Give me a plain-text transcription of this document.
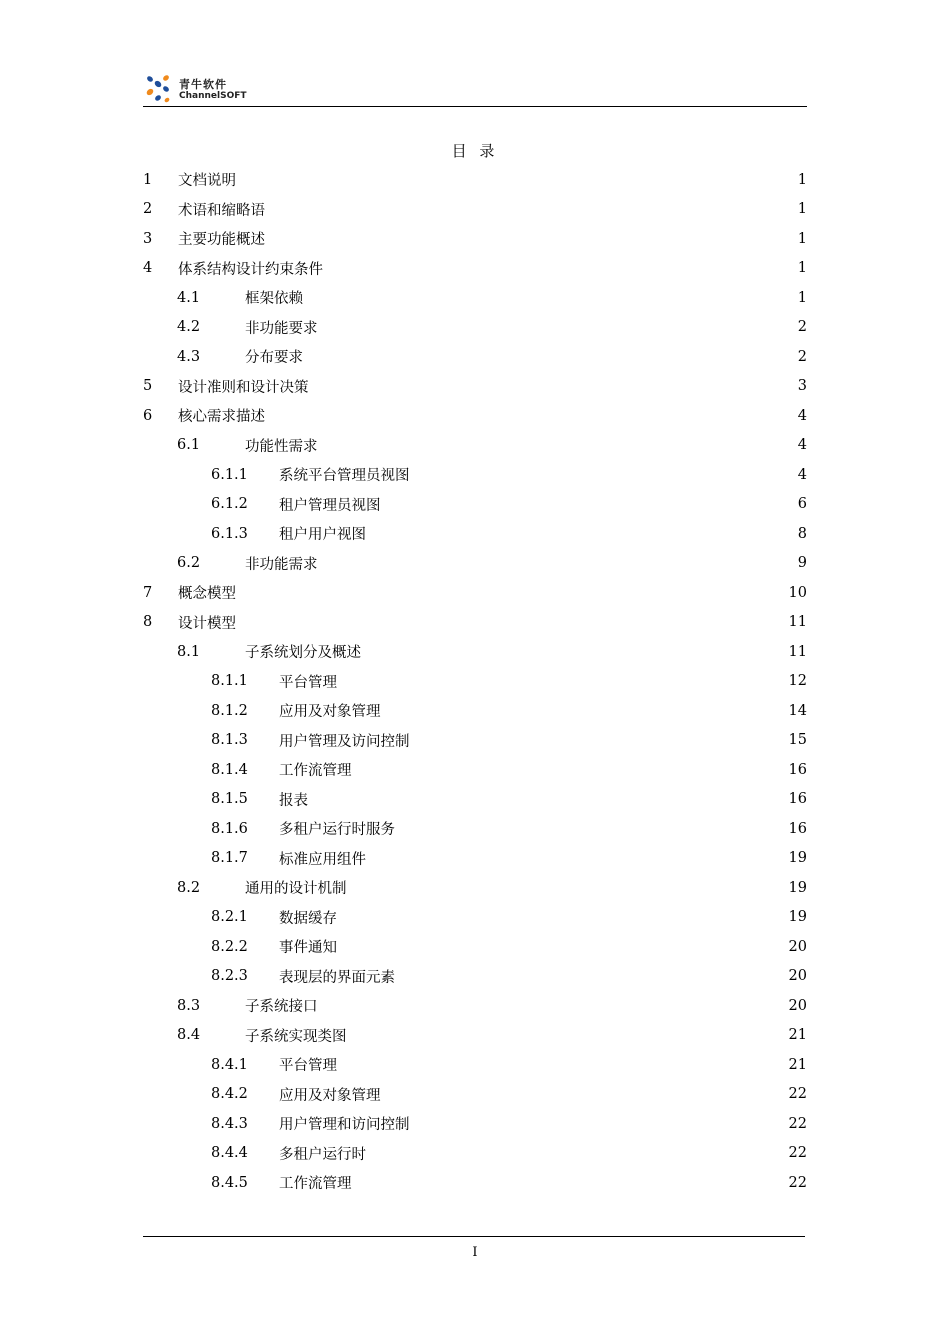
青牛软件
ChannelSOFT
目 录
1	文档说明	1
2	术语和缩略语	1
3	主要功能概述	1
4	体系结构设计约束条件	1
4.1	框架依赖	1
4.2	非功能要求	2
4.3	分布要求	2
5	设计准则和设计决策	3
6	核心需求描述	4
6.1	功能性需求	4
6.1.1	系统平台管理员视图	4
6.1.2	租户管理员视图	6
6.1.3	租户用户视图	8
6.2	非功能需求	9
7	概念模型	10
8	设计模型	11
8.1	子系统划分及概述	11
8.1.1	平台管理	12
8.1.2	应用及对象管理	14
8.1.3	用户管理及访问控制	15
8.1.4	工作流管理	16
8.1.5	报表	16
8.1.6	多租户运行时服务	16
8.1.7	标准应用组件	19
8.2	通用的设计机制	19
8.2.1	数据缓存	19
8.2.2	事件通知	20
8.2.3	表现层的界面元素	20
8.3	子系统接口	20
8.4	子系统实现类图	21
8.4.1	平台管理	21
8.4.2	应用及对象管理	22
8.4.3	用户管理和访问控制	22
8.4.4	多租户运行时	22
8.4.5	工作流管理	22
I
